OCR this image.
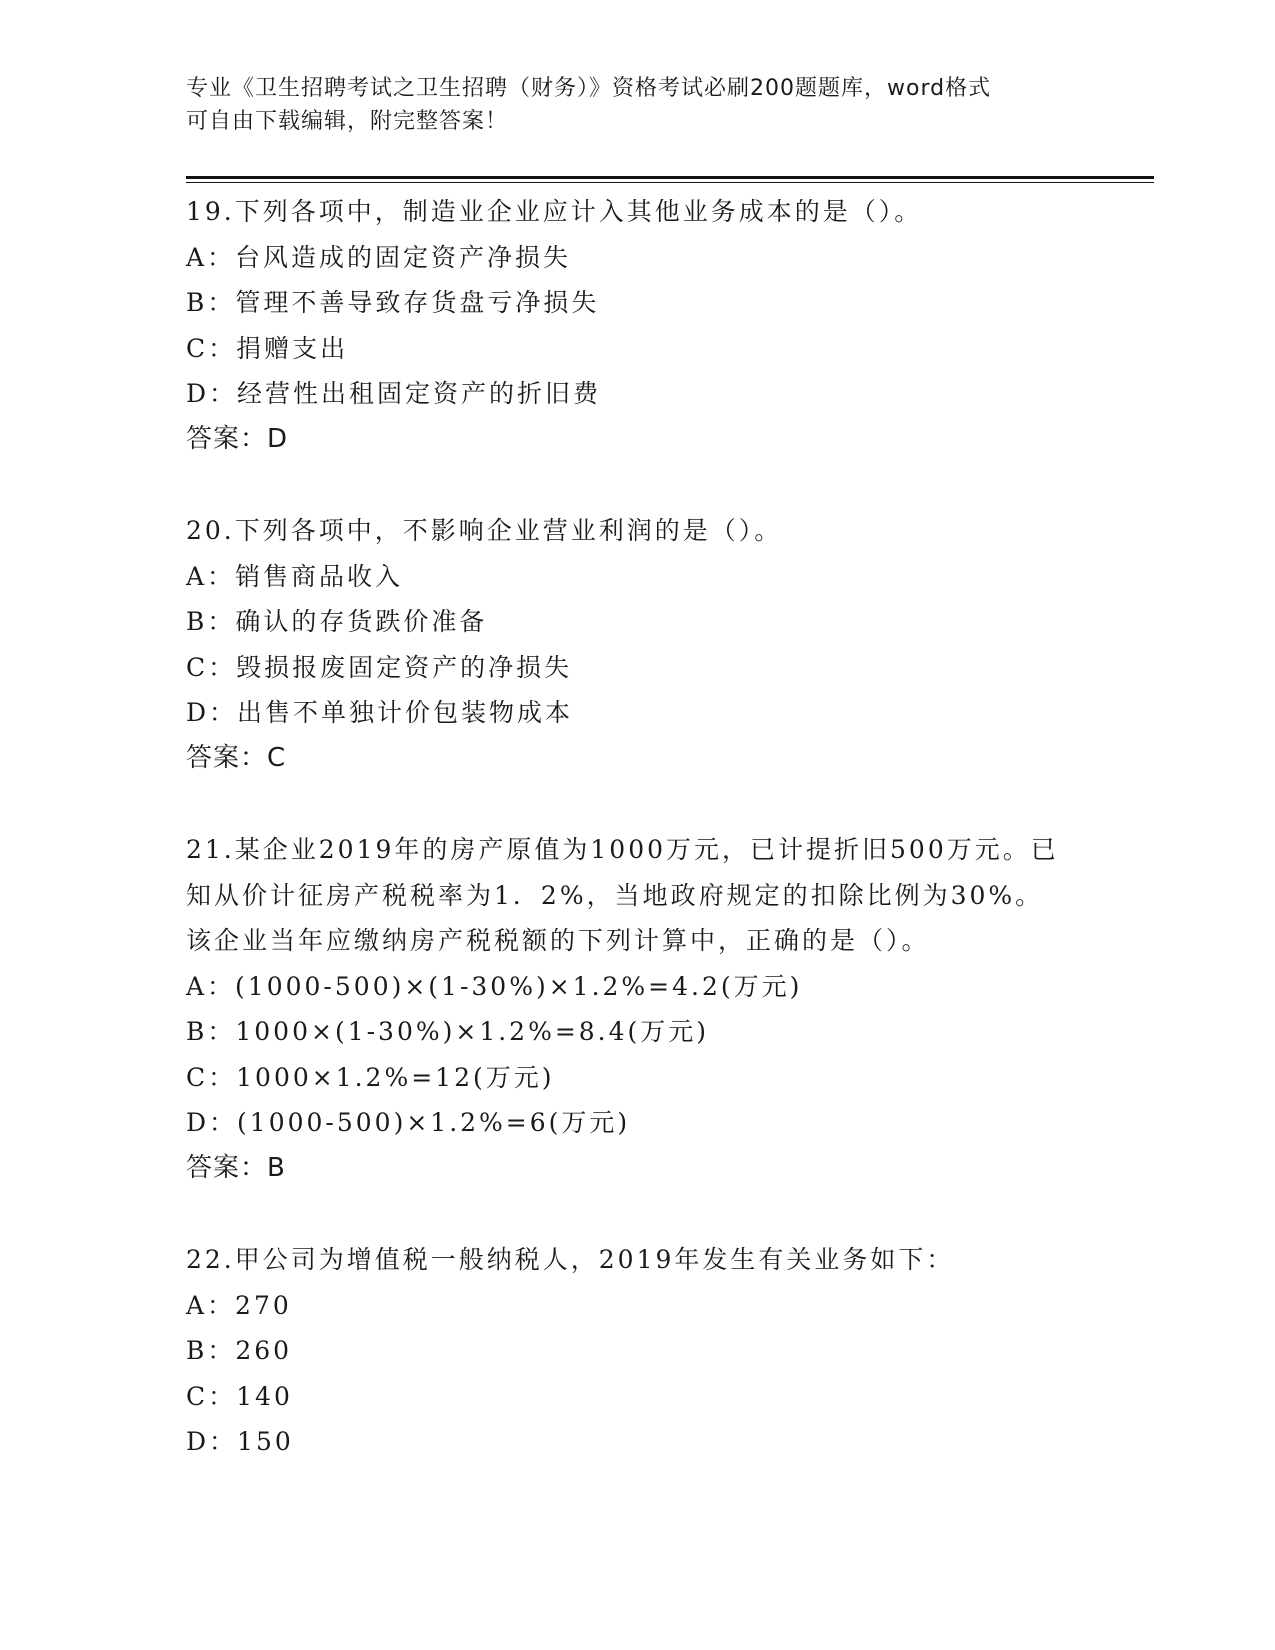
专业《卫生招聘考试之卫生招聘（财务）》资格考试必刷200题题库，word格式
可自由下载编辑，附完整答案！
19.下列各项中，制造业企业应计入其他业务成本的是（）。
A：台风造成的固定资产净损失
B：管理不善导致存货盘亏净损失
C：捐赠支出
D：经营性出租固定资产的折旧费
答案：D
20.下列各项中，不影响企业营业利润的是（）。
A：销售商品收入
B：确认的存货跌价准备
C：毁损报废固定资产的净损失
D：出售不单独计价包装物成本
答案：C
21.某企业2019年的房产原值为1000万元，已计提折旧500万元。已
知从价计征房产税税率为1．2%，当地政府规定的扣除比例为30%。
该企业当年应缴纳房产税税额的下列计算中，正确的是（）。
A：(1000-500)×(1-30%)×1.2%=4.2(万元)
B：1000×(1-30%)×1.2%=8.4(万元)
C：1000×1.2%=12(万元)
D：(1000-500)×1.2%=6(万元)
答案：B
22.甲公司为增值税一般纳税人，2019年发生有关业务如下：
A：270
B：260
C：140
D：150
